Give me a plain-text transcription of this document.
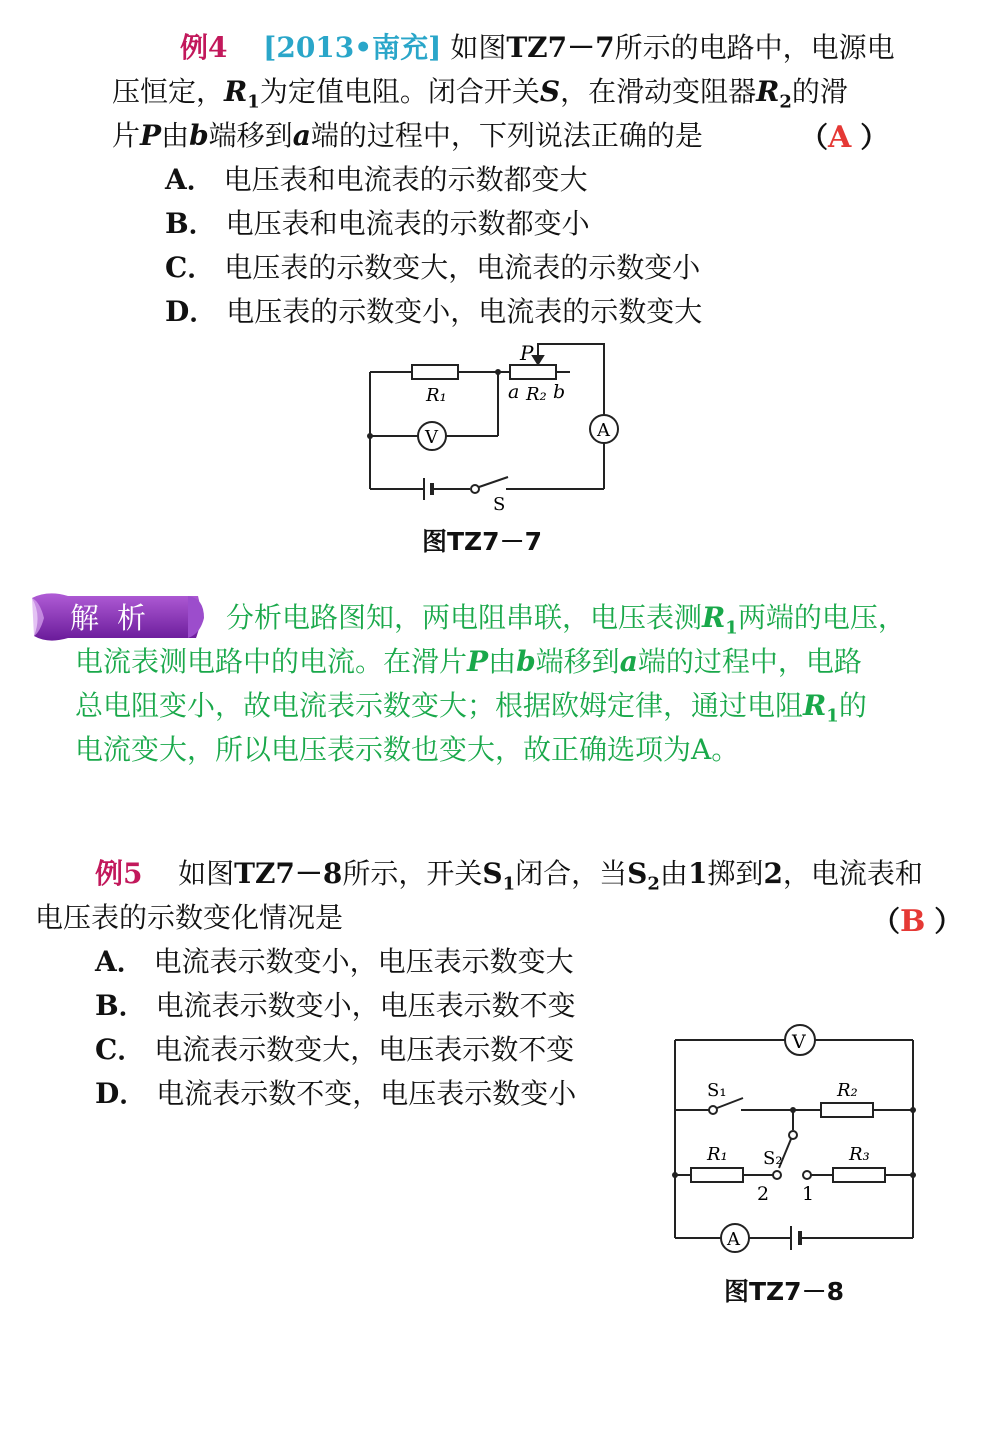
例4 [2013•南充] 如图TZ7－7所示的电路中，电源电
压恒定，$R_1$为定值电阻。闭合开关S，在滑动变阻器$R_2$的滑
片P由b端移到a端的过程中，下列说法正确的是	（A ）
A． 电压表和电流表的示数都变大
B． 电压表和电流表的示数都变小
C． 电压表的示数变大，电流表的示数变小
D． 电压表的示数变小，电流表的示数变大
P
R₁	a R₂ b
V	A
S
图TZ7－7
解析	分析电路图知，两电阻串联，电压表测$R_1$两端的电压，
电流表测电路中的电流。在滑片P由b端移到a端的过程中，电路
总电阻变小，故电流表示数变大；根据欧姆定律，通过电阻$R_1$的
电流变大，所以电压表示数也变大，故正确选项为A。
例5 如图TZ7－8所示，开关$S_1$闭合，当$S_2$由1掷到2，电流表和
电压表的示数变化情况是	（B ）
A． 电流表示数变小，电压表示数变大
B． 电流表示数变小，电压表示数不变
C． 电流表示数变大，电压表示数不变
D． 电流表示数不变，电压表示数变小
V
S₁	R₂
R₁ S₂	R₃
2 1
A
图TZ7－8
